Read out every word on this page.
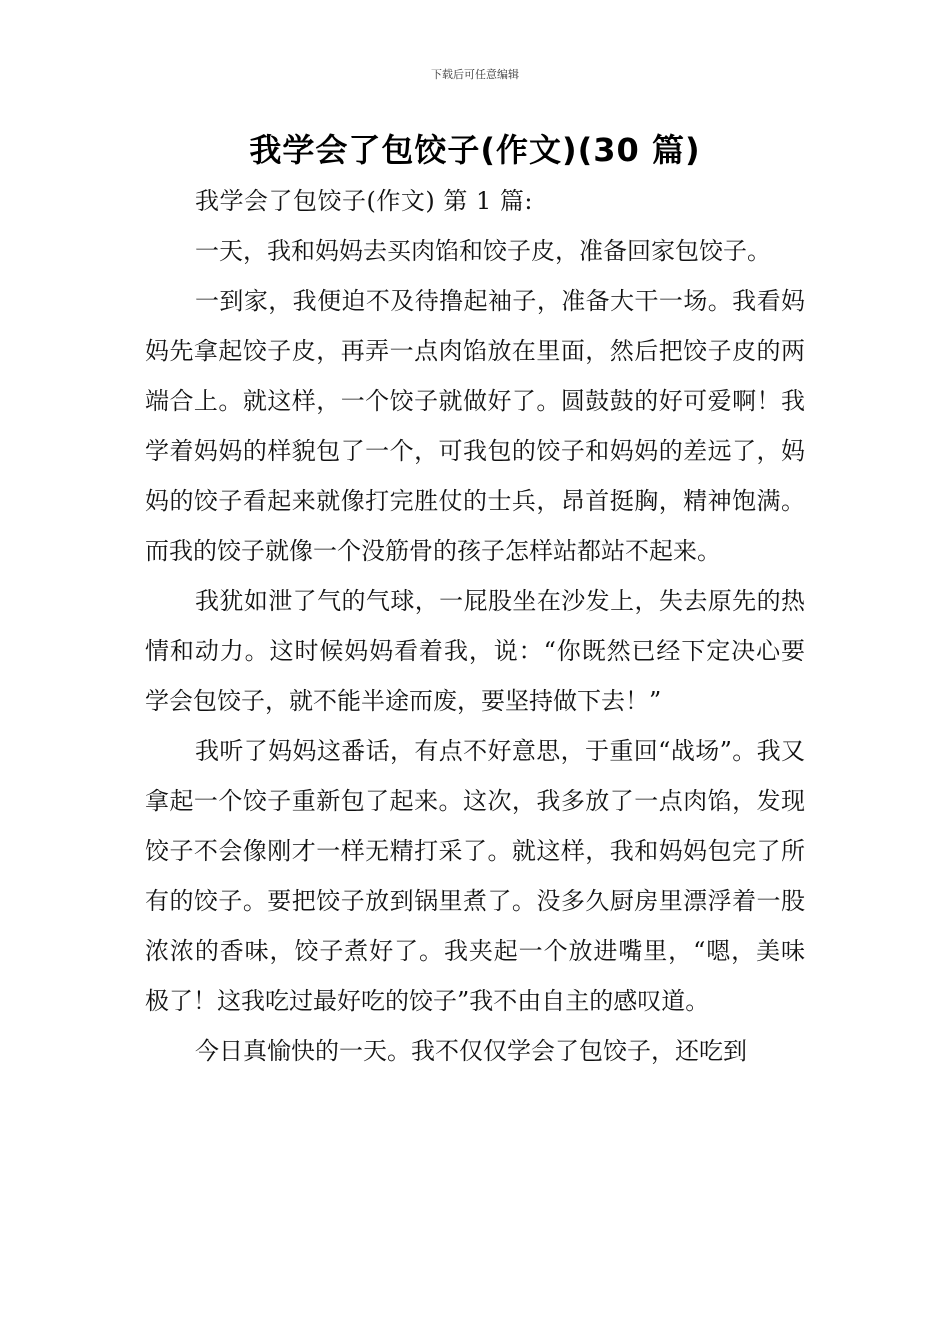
下载后可任意编辑
我学会了包饺子(作文)(30 篇)

我学会了包饺子(作文) 第 1 篇:

一天，我和妈妈去买肉馅和饺子皮，准备回家包饺子。

一到家，我便迫不及待撸起袖子，准备大干一场。我看妈妈先拿起饺子皮，再弄一点肉馅放在里面，然后把饺子皮的两端合上。就这样，一个饺子就做好了。圆鼓鼓的好可爱啊！我学着妈妈的样貌包了一个，可我包的饺子和妈妈的差远了，妈妈的饺子看起来就像打完胜仗的士兵，昂首挺胸，精神饱满。而我的饺子就像一个没筋骨的孩子怎样站都站不起来。

我犹如泄了气的气球，一屁股坐在沙发上，失去原先的热情和动力。这时候妈妈看着我，说：“你既然已经下定决心要学会包饺子，就不能半途而废，要坚持做下去！”

我听了妈妈这番话，有点不好意思，于重回“战场”。我又拿起一个饺子重新包了起来。这次，我多放了一点肉馅，发现饺子不会像刚才一样无精打采了。就这样，我和妈妈包完了所有的饺子。要把饺子放到锅里煮了。没多久厨房里漂浮着一股浓浓的香味，饺子煮好了。我夹起一个放进嘴里，“嗯，美味极了！这我吃过最好吃的饺子”我不由自主的感叹道。

今日真愉快的一天。我不仅仅学会了包饺子，还吃到
